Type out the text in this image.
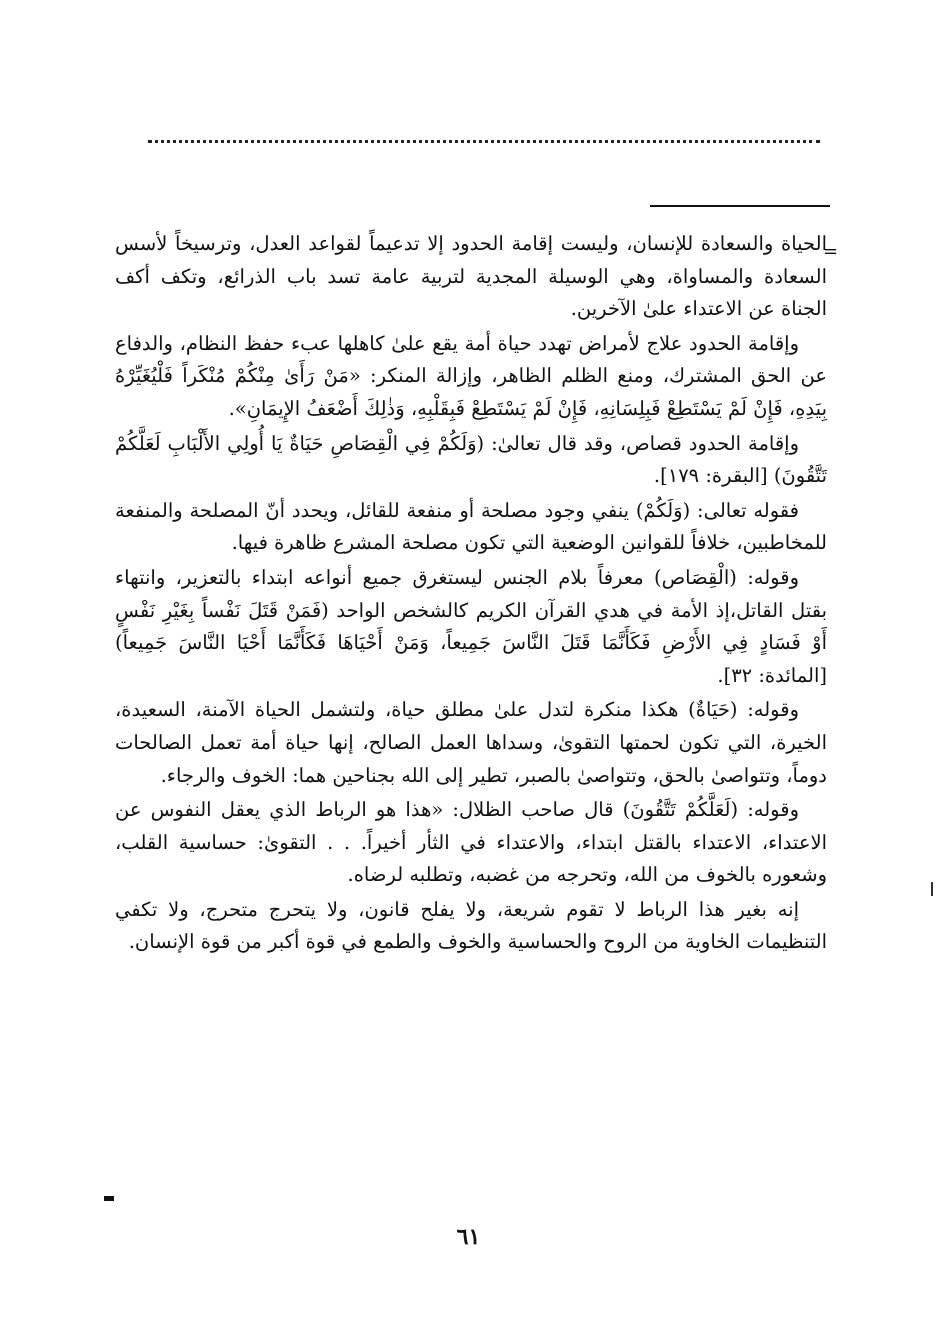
=

الحياة والسعادة للإنسان، وليست إقامة الحدود إلا تدعيماً لقواعد العدل، وترسيخاً لأسس السعادة والمساواة، وهي الوسيلة المجدية لتربية عامة تسد باب الذرائع، وتكف أكف الجناة عن الاعتداء علىٰ الآخرين.

وإقامة الحدود علاج لأمراض تهدد حياة أمة يقع علىٰ كاهلها عبء حفظ النظام، والدفاع عن الحق المشترك، ومنع الظلم الظاهر، وإزالة المنكر: «مَنْ رَأَىٰ مِنْكُمْ مُنْكَراً فَلْيُغَيِّرْهُ بِيَدِهِ، فَإِنْ لَمْ يَسْتَطِعْ فَبِلِسَانِهِ، فَإِنْ لَمْ يَسْتَطِعْ فَبِقَلْبِهِ، وَذٰلِكَ أَضْعَفُ الإِيمَانِ».

وإقامة الحدود قصاص، وقد قال تعالىٰ: (وَلَكُمْ فِي الْقِصَاصِ حَيَاةٌ يَا أُولِي الأَلْبَابِ لَعَلَّكُمْ تَتَّقُونَ) [البقرة: ١٧٩].

فقوله تعالى: (وَلَكُمْ) ينفي وجود مصلحة أو منفعة للقائل، ويحدد أنّ المصلحة والمنفعة للمخاطبين، خلافاً للقوانين الوضعية التي تكون مصلحة المشرع ظاهرة فيها.

وقوله: (الْقِصَاص) معرفاً بلام الجنس ليستغرق جميع أنواعه ابتداء بالتعزير، وانتهاء بقتل القاتل،إذ الأمة في هدي القرآن الكريم كالشخص الواحد (فَمَنْ قَتَلَ نَفْساً بِغَيْرِ نَفْسٍ أَوْ فَسَادٍ فِي الأَرْضِ فَكَأَنَّمَا قَتَلَ النَّاسَ جَمِيعاً، وَمَنْ أَحْيَاهَا فَكَأَنَّمَا أَحْيَا النَّاسَ جَمِيعاً) [المائدة: ٣٢].

وقوله: (حَيَاةٌ) هكذا منكرة لتدل علىٰ مطلق حياة، ولتشمل الحياة الآمنة، السعيدة، الخيرة، التي تكون لحمتها التقوىٰ، وسداها العمل الصالح، إنها حياة أمة تعمل الصالحات دوماً، وتتواصىٰ بالحق، وتتواصىٰ بالصبر، تطير إلى الله بجناحين هما: الخوف والرجاء.

وقوله: (لَعَلَّكُمْ تَتَّقُونَ) قال صاحب الظلال: «هذا هو الرباط الذي يعقل النفوس عن الاعتداء، الاعتداء بالقتل ابتداء، والاعتداء في الثأر أخيراً. . . التقوىٰ: حساسية القلب، وشعوره بالخوف من الله، وتحرجه من غضبه، وتطلبه لرضاه.

إنه بغير هذا الرباط لا تقوم شريعة، ولا يفلح قانون، ولا يتحرج متحرج، ولا تكفي التنظيمات الخاوية من الروح والحساسية والخوف والطمع في قوة أكبر من قوة الإنسان.

٦١
